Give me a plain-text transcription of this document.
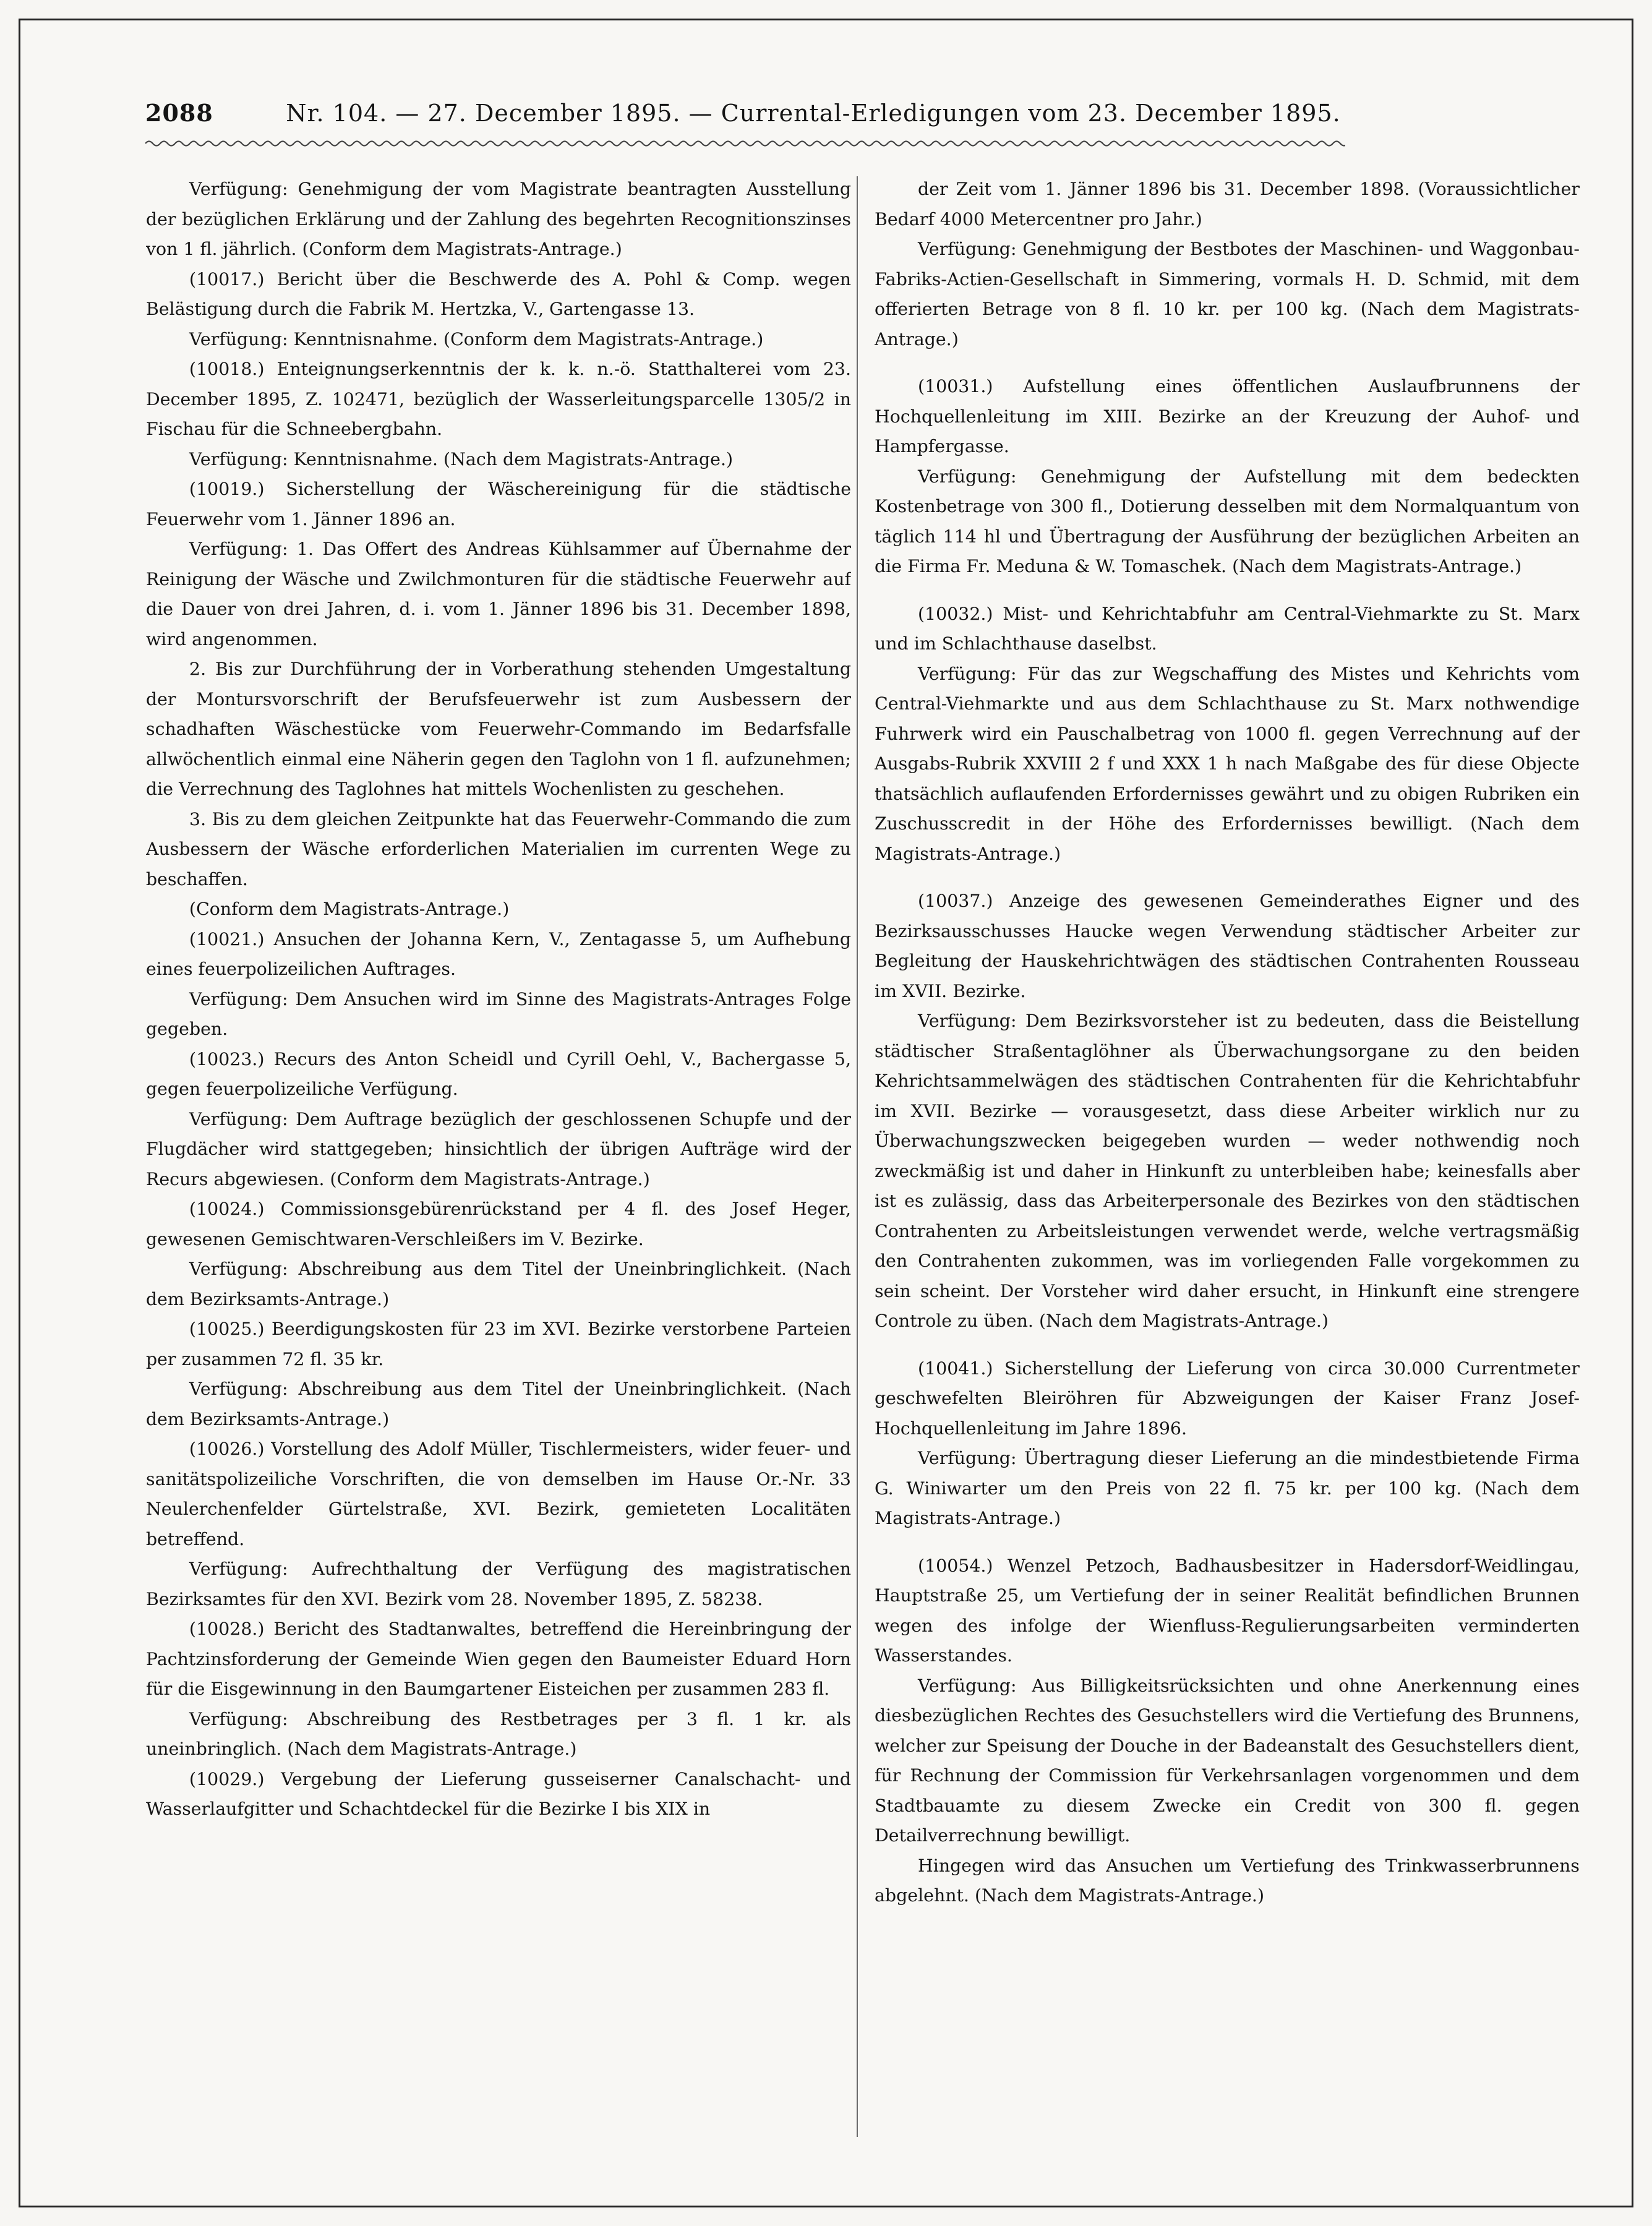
2088	Nr. 104. — 27. December 1895. — Currental-Erledigungen vom 23. December 1895.

Verfügung: Genehmigung der vom Magistrate beantragten Ausstellung der bezüglichen Erklärung und der Zahlung des begehrten Recognitionszinses von 1 fl. jährlich. (Conform dem Magistrats-Antrage.)

(10017.) Bericht über die Beschwerde des A. Pohl & Comp. wegen Belästigung durch die Fabrik M. Hertzka, V., Gartengasse 13.

Verfügung: Kenntnisnahme. (Conform dem Magistrats-Antrage.)

(10018.) Enteignungserkenntnis der k. k. n.-ö. Statthalterei vom 23. December 1895, Z. 102471, bezüglich der Wasserleitungsparcelle 1305/2 in Fischau für die Schneebergbahn.

Verfügung: Kenntnisnahme. (Nach dem Magistrats-Antrage.)

(10019.) Sicherstellung der Wäschereinigung für die städtische Feuerwehr vom 1. Jänner 1896 an.

Verfügung: 1. Das Offert des Andreas Kühlsammer auf Übernahme der Reinigung der Wäsche und Zwilchmonturen für die städtische Feuerwehr auf die Dauer von drei Jahren, d. i. vom 1. Jänner 1896 bis 31. December 1898, wird angenommen.

2. Bis zur Durchführung der in Vorberathung stehenden Umgestaltung der Montursvorschrift der Berufsfeuerwehr ist zum Ausbessern der schadhaften Wäschestücke vom Feuerwehr-Commando im Bedarfsfalle allwöchentlich einmal eine Näherin gegen den Taglohn von 1 fl. aufzunehmen; die Verrechnung des Taglohnes hat mittels Wochenlisten zu geschehen.

3. Bis zu dem gleichen Zeitpunkte hat das Feuerwehr-Commando die zum Ausbessern der Wäsche erforderlichen Materialien im currenten Wege zu beschaffen.

(Conform dem Magistrats-Antrage.)

(10021.) Ansuchen der Johanna Kern, V., Zentagasse 5, um Aufhebung eines feuerpolizeilichen Auftrages.

Verfügung: Dem Ansuchen wird im Sinne des Magistrats-Antrages Folge gegeben.

(10023.) Recurs des Anton Scheidl und Cyrill Oehl, V., Bachergasse 5, gegen feuerpolizeiliche Verfügung.

Verfügung: Dem Auftrage bezüglich der geschlossenen Schupfe und der Flugdächer wird stattgegeben; hinsichtlich der übrigen Aufträge wird der Recurs abgewiesen. (Conform dem Magistrats-Antrage.)

(10024.) Commissionsgebürenrückstand per 4 fl. des Josef Heger, gewesenen Gemischtwaren-Verschleißers im V. Bezirke.

Verfügung: Abschreibung aus dem Titel der Uneinbringlichkeit. (Nach dem Bezirksamts-Antrage.)

(10025.) Beerdigungskosten für 23 im XVI. Bezirke verstorbene Parteien per zusammen 72 fl. 35 kr.

Verfügung: Abschreibung aus dem Titel der Uneinbringlichkeit. (Nach dem Bezirksamts-Antrage.)

(10026.) Vorstellung des Adolf Müller, Tischlermeisters, wider feuer- und sanitätspolizeiliche Vorschriften, die von demselben im Hause Or.-Nr. 33 Neulerchenfelder Gürtelstraße, XVI. Bezirk, gemieteten Localitäten betreffend.

Verfügung: Aufrechthaltung der Verfügung des magistratischen Bezirksamtes für den XVI. Bezirk vom 28. November 1895, Z. 58238.

(10028.) Bericht des Stadtanwaltes, betreffend die Hereinbringung der Pachtzinsforderung der Gemeinde Wien gegen den Baumeister Eduard Horn für die Eisgewinnung in den Baumgartener Eisteichen per zusammen 283 fl.

Verfügung: Abschreibung des Restbetrages per 3 fl. 1 kr. als uneinbringlich. (Nach dem Magistrats-Antrage.)

(10029.) Vergebung der Lieferung gusseiserner Canalschacht- und Wasserlaufgitter und Schachtdeckel für die Bezirke I bis XIX in

der Zeit vom 1. Jänner 1896 bis 31. December 1898. (Voraussichtlicher Bedarf 4000 Metercentner pro Jahr.)

Verfügung: Genehmigung der Bestbotes der Maschinen- und Waggonbau-Fabriks-Actien-Gesellschaft in Simmering, vormals H. D. Schmid, mit dem offerierten Betrage von 8 fl. 10 kr. per 100 kg. (Nach dem Magistrats-Antrage.)

(10031.) Aufstellung eines öffentlichen Auslaufbrunnens der Hochquellenleitung im XIII. Bezirke an der Kreuzung der Auhof- und Hampfergasse.

Verfügung: Genehmigung der Aufstellung mit dem bedeckten Kostenbetrage von 300 fl., Dotierung desselben mit dem Normalquantum von täglich 114 hl und Übertragung der Ausführung der bezüglichen Arbeiten an die Firma Fr. Meduna & W. Tomaschek. (Nach dem Magistrats-Antrage.)

(10032.) Mist- und Kehrichtabfuhr am Central-Viehmarkte zu St. Marx und im Schlachthause daselbst.

Verfügung: Für das zur Wegschaffung des Mistes und Kehrichts vom Central-Viehmarkte und aus dem Schlachthause zu St. Marx nothwendige Fuhrwerk wird ein Pauschalbetrag von 1000 fl. gegen Verrechnung auf der Ausgabs-Rubrik XXVIII 2 f und XXX 1 h nach Maßgabe des für diese Objecte thatsächlich auflaufenden Erfordernisses gewährt und zu obigen Rubriken ein Zuschusscredit in der Höhe des Erfordernisses bewilligt. (Nach dem Magistrats-Antrage.)

(10037.) Anzeige des gewesenen Gemeinderathes Eigner und des Bezirksausschusses Haucke wegen Verwendung städtischer Arbeiter zur Begleitung der Hauskehrichtwägen des städtischen Contrahenten Rousseau im XVII. Bezirke.

Verfügung: Dem Bezirksvorsteher ist zu bedeuten, dass die Beistellung städtischer Straßentaglöhner als Überwachungsorgane zu den beiden Kehrichtsammelwägen des städtischen Contrahenten für die Kehrichtabfuhr im XVII. Bezirke — vorausgesetzt, dass diese Arbeiter wirklich nur zu Überwachungszwecken beigegeben wurden — weder nothwendig noch zweckmäßig ist und daher in Hinkunft zu unterbleiben habe; keinesfalls aber ist es zulässig, dass das Arbeiterpersonale des Bezirkes von den städtischen Contrahenten zu Arbeitsleistungen verwendet werde, welche vertragsmäßig den Contrahenten zukommen, was im vorliegenden Falle vorgekommen zu sein scheint. Der Vorsteher wird daher ersucht, in Hinkunft eine strengere Controle zu üben. (Nach dem Magistrats-Antrage.)

(10041.) Sicherstellung der Lieferung von circa 30.000 Currentmeter geschwefelten Bleiröhren für Abzweigungen der Kaiser Franz Josef-Hochquellenleitung im Jahre 1896.

Verfügung: Übertragung dieser Lieferung an die mindestbietende Firma G. Winiwarter um den Preis von 22 fl. 75 kr. per 100 kg. (Nach dem Magistrats-Antrage.)

(10054.) Wenzel Petzoch, Badhausbesitzer in Hadersdorf-Weidlingau, Hauptstraße 25, um Vertiefung der in seiner Realität befindlichen Brunnen wegen des infolge der Wienfluss-Regulierungsarbeiten verminderten Wasserstandes.

Verfügung: Aus Billigkeitsrücksichten und ohne Anerkennung eines diesbezüglichen Rechtes des Gesuchstellers wird die Vertiefung des Brunnens, welcher zur Speisung der Douche in der Badeanstalt des Gesuchstellers dient, für Rechnung der Commission für Verkehrsanlagen vorgenommen und dem Stadtbauamte zu diesem Zwecke ein Credit von 300 fl. gegen Detailverrechnung bewilligt.

Hingegen wird das Ansuchen um Vertiefung des Trinkwasserbrunnens abgelehnt. (Nach dem Magistrats-Antrage.)
